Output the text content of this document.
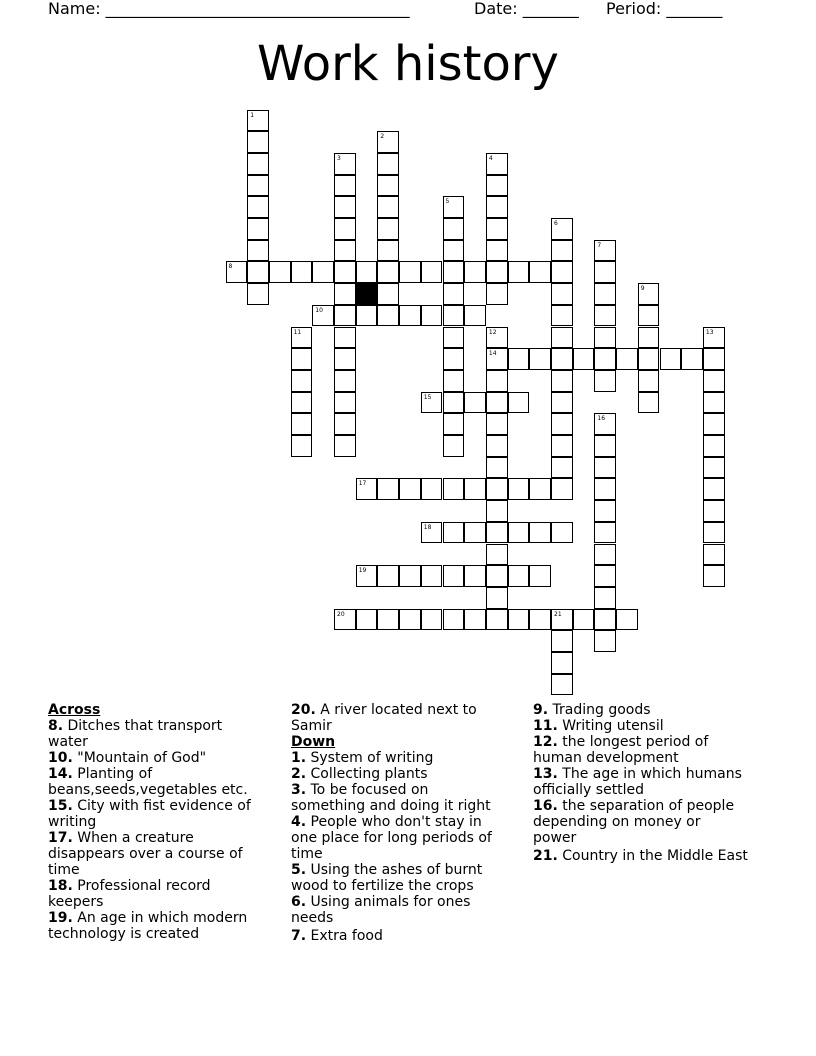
Name: ______________________________________	Date: _______ Period: _______
Work history
1
2
3	4
5
6
7
8
9
10
11	12
14
13
15
16
17
18
19
20	21
Across
8. Ditches that transport water
10. "Mountain of God"
14. Planting of beans,seeds,vegetables etc.
15. City with fist evidence of writing
17. When a creature disappears over a course of time
18. Professional record keepers
19. An age in which modern technology is created
20. A river located next to Samir
Down
1. System of writing
2. Collecting plants
3. To be focused on something and doing it right
4. People who don't stay in one place for long periods of time
5. Using the ashes of burnt wood to fertilize the crops
6. Using animals for ones needs
7. Extra food
9. Trading goods
11. Writing utensil
12. the longest period of human development
13. The age in which humans officially settled
16. the separation of people depending on money or power
21. Country in the Middle East
